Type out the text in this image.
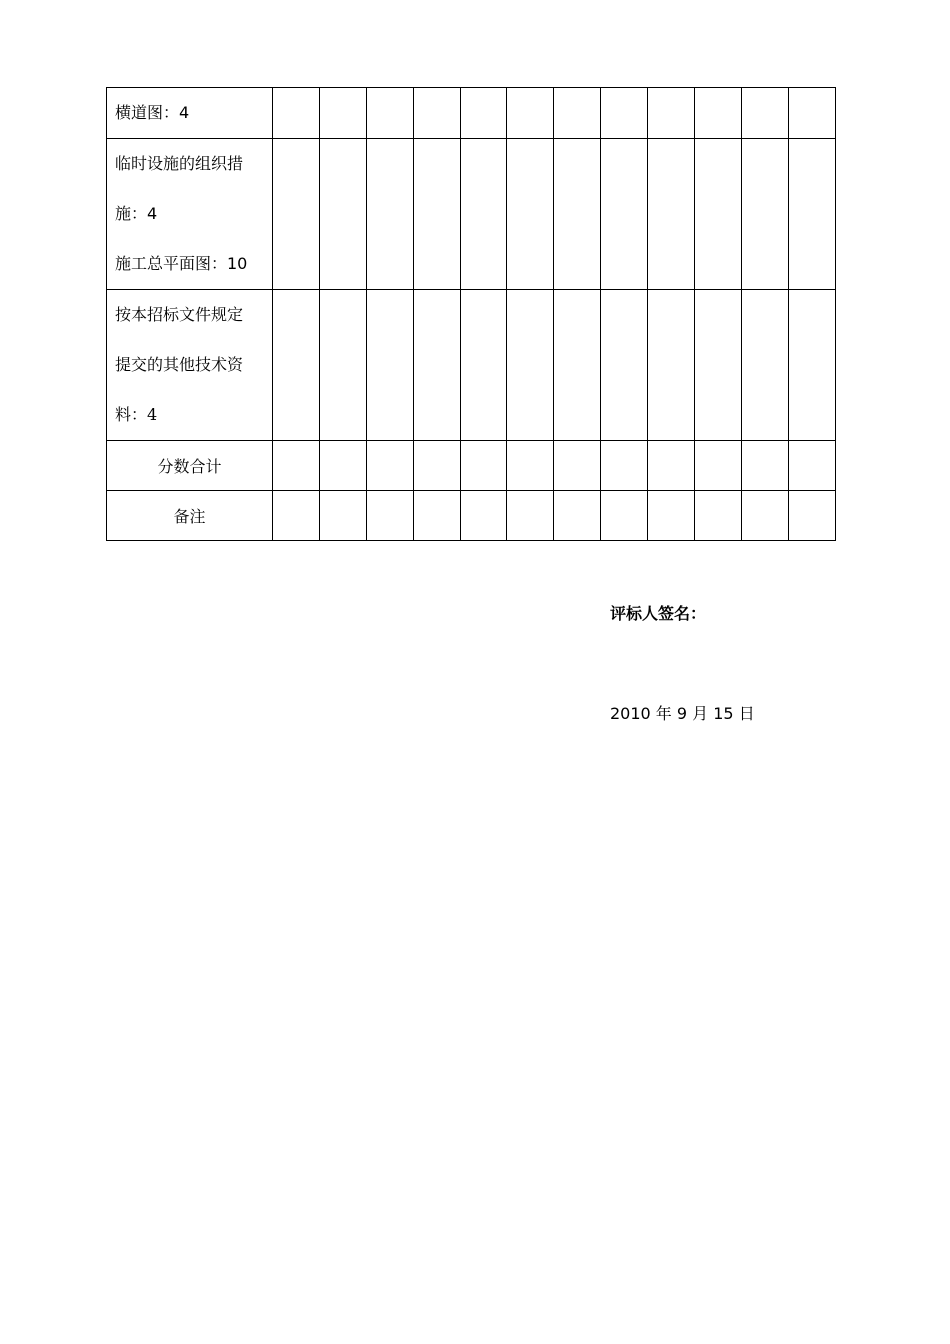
横道图：4												

临时设施的组织措
施：4
施工总平面图：10												

按本招标文件规定
提交的其他技术资
料：4												

分数合计												
备注												
评标人签名：
2010 年 9 月 15 日
